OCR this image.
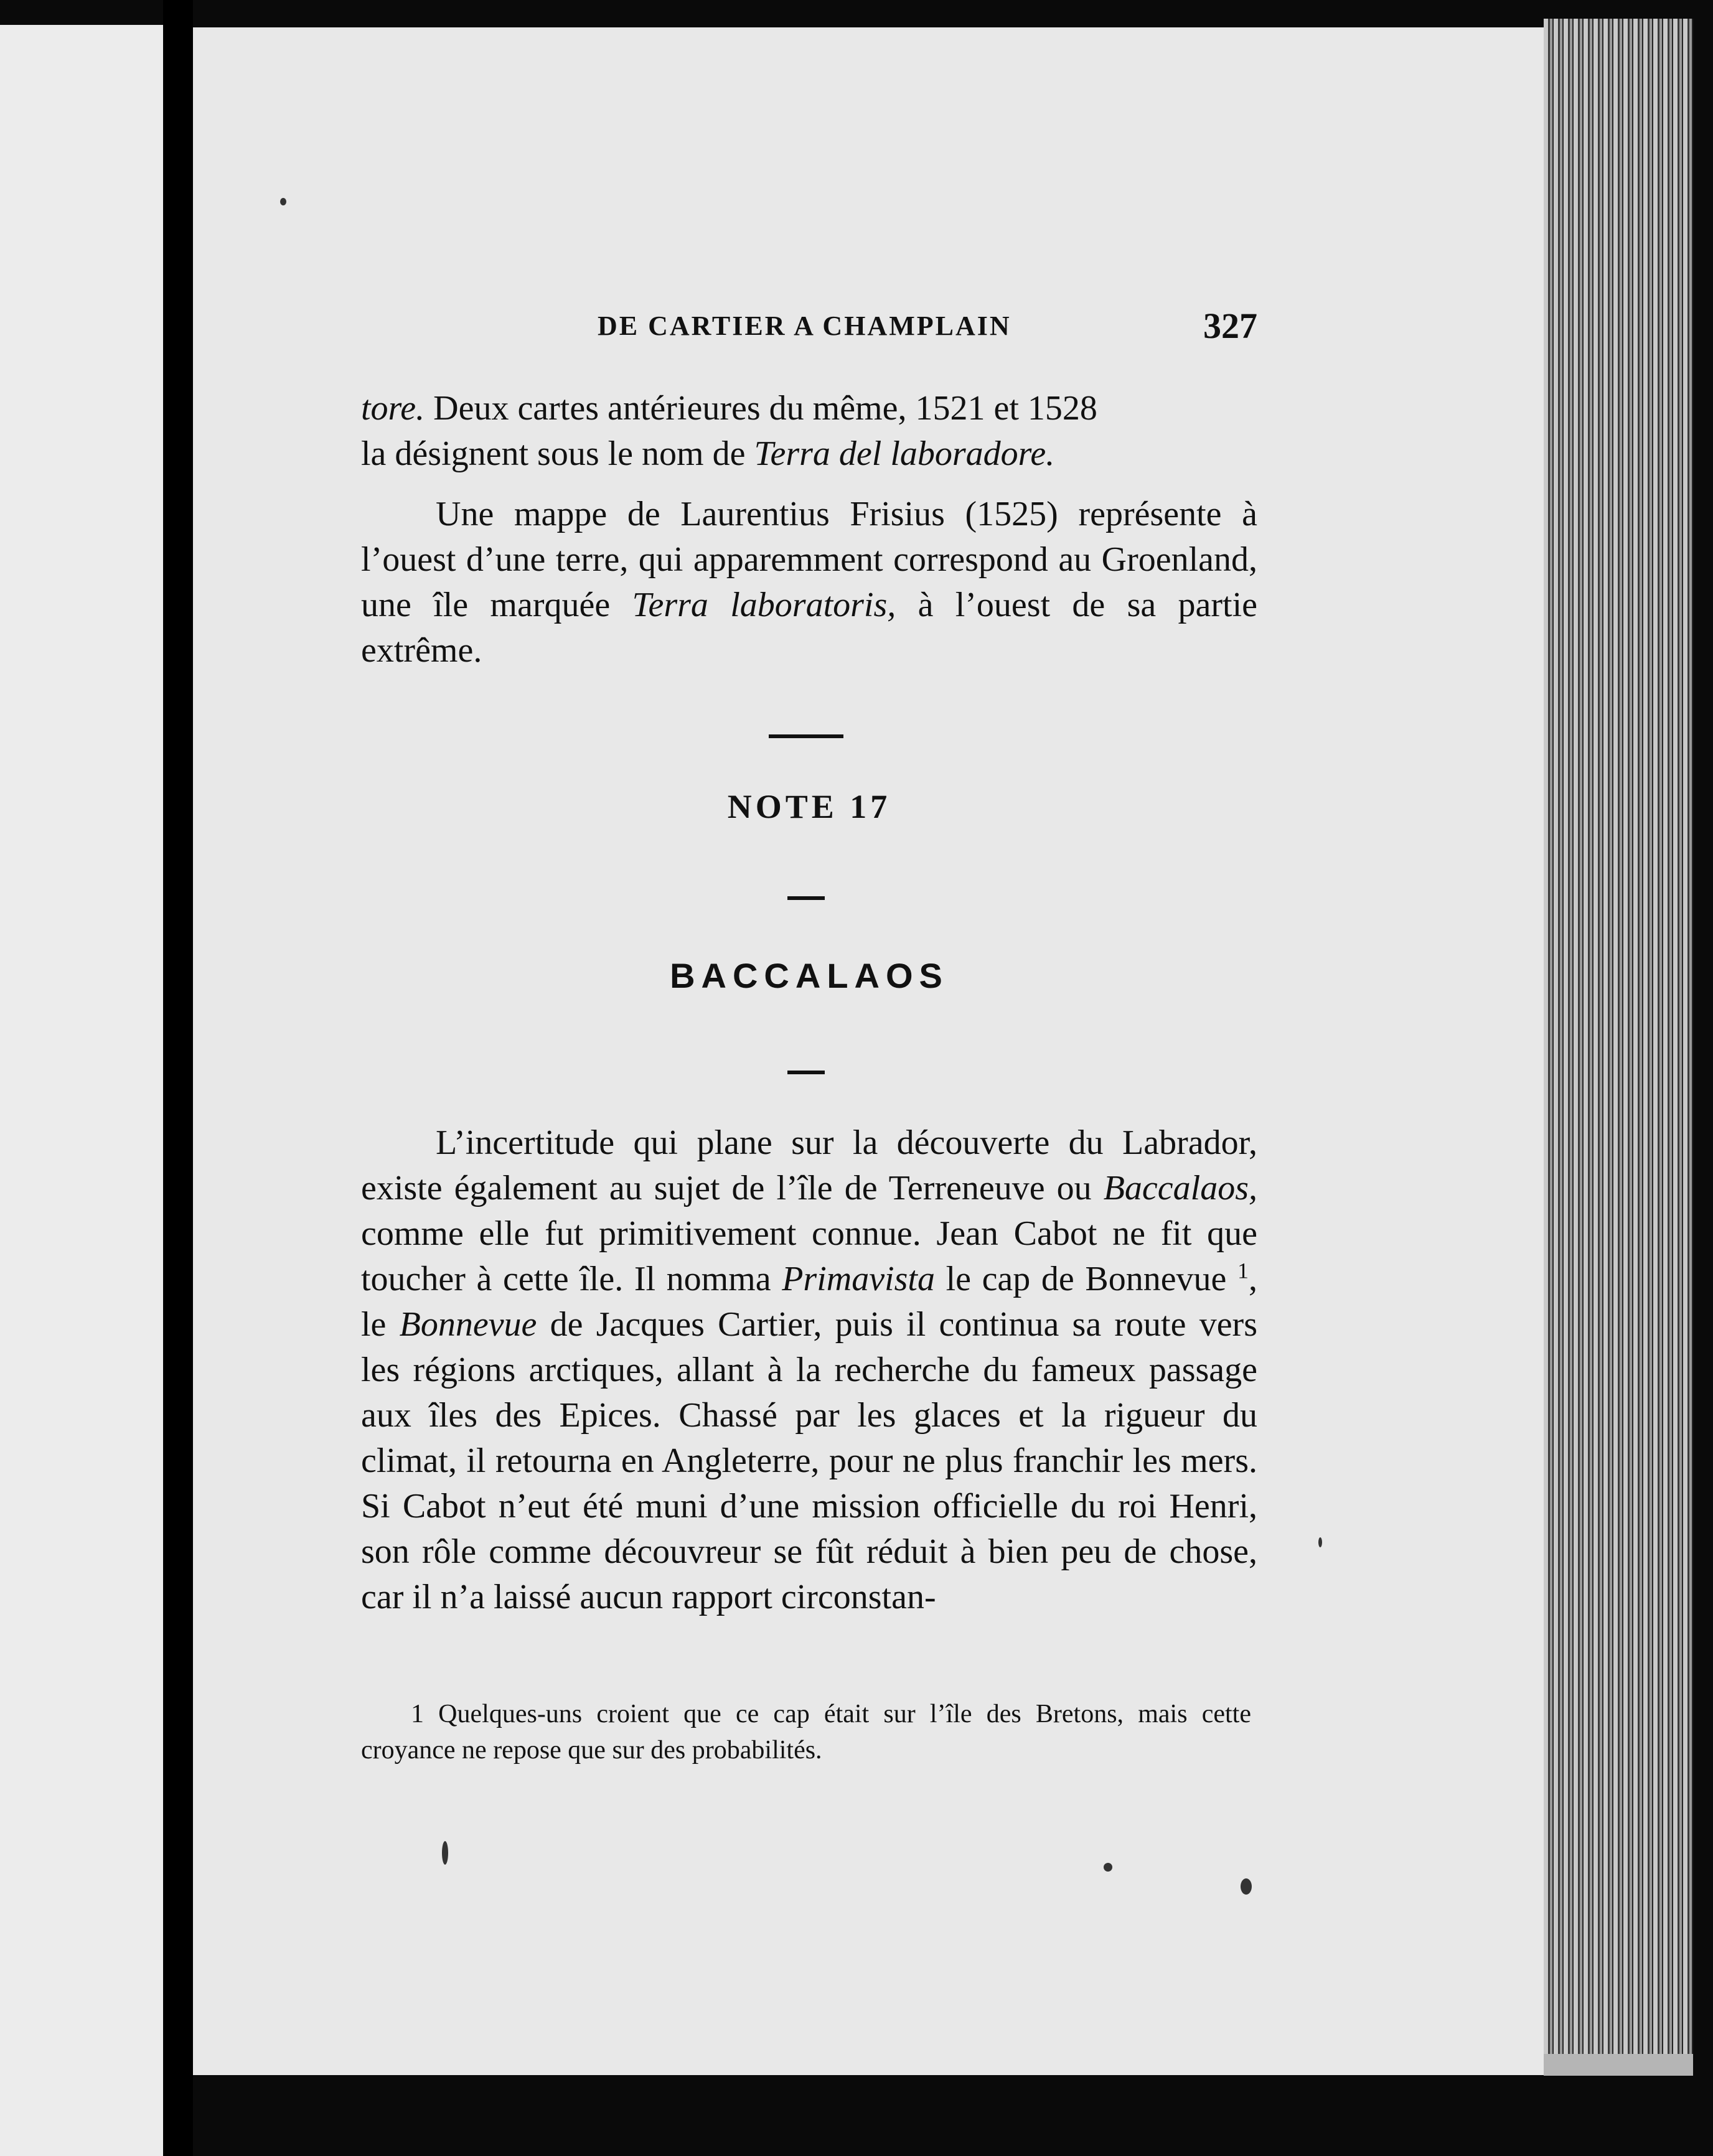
DE CARTIER A CHAMPLAIN	327

tore. Deux cartes antérieures du même, 1521 et 1528

la désignent sous le nom de Terra del laboradore.

Une mappe de Laurentius Frisius (1525) représente à l’ouest d’une terre, qui apparemment correspond au Groenland, une île marquée Terra laboratoris, à l’ouest de sa partie extrême.

NOTE 17
BACCALAOS

L’incertitude qui plane sur la découverte du Labrador, existe également au sujet de l’île de Terreneuve ou Baccalaos, comme elle fut primitivement connue. Jean Cabot ne fit que toucher à cette île. Il nomma Primavista le cap de Bonnevue $^1$, le Bonnevue de Jacques Cartier, puis il continua sa route vers les régions arctiques, allant à la recherche du fameux passage aux îles des Epices. Chassé par les glaces et la rigueur du climat, il retourna en Angleterre, pour ne plus franchir les mers. Si Cabot n’eut été muni d’une mission officielle du roi Henri, son rôle comme découvreur se fût réduit à bien peu de chose, car il n’a laissé aucun rapport circonstan-

1 Quelques-uns croient que ce cap était sur l’île des Bretons, mais cette croyance ne repose que sur des probabilités.
